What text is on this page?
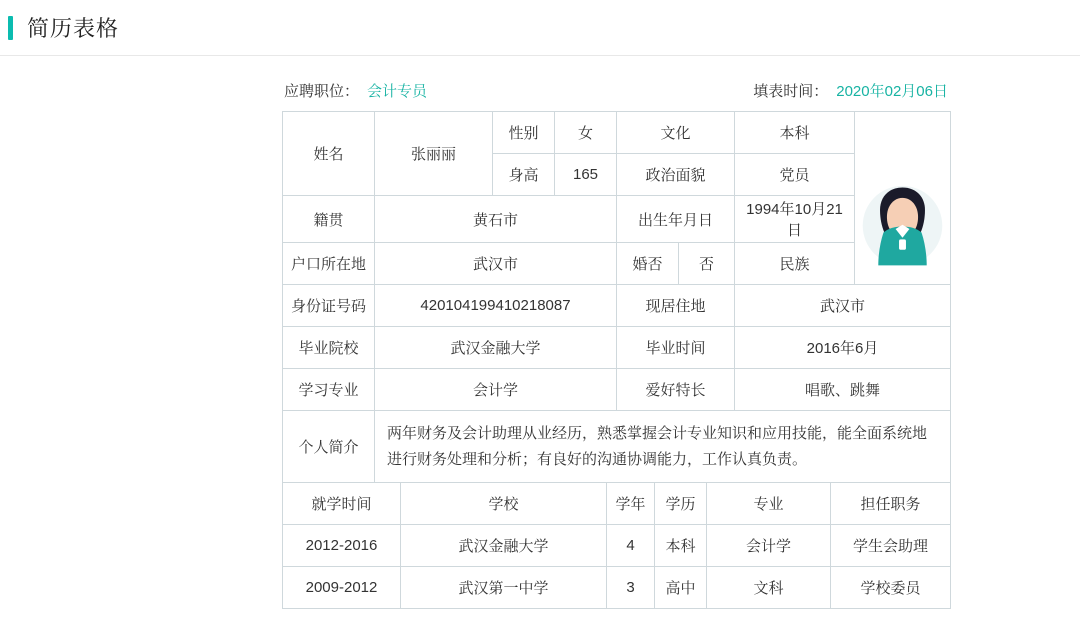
简历表格
应聘职位： 会计专员	填表时间： 2020年02月06日
姓名	张丽丽	性别	女	文化		本科	

		身高	165	政治面貌		党员	
籍贯	黄石市			出生年月日		1994年10月21日	
户口所在地	武汉市			婚否	否	民族	
身份证号码	420104199410218087			现居住地		武汉市	
毕业院校	武汉金融大学			毕业时间		2016年6月	
学习专业	会计学			爱好特长		唱歌、跳舞	
个人简介	两年财务及会计助理从业经历，熟悉掌握会计专业知识和应用技能，能全面系统地进行财务处理和分析；有良好的沟通协调能力，工作认真负责。						
就学时间	学校	学年	学历	专业	担任职务
2012-2016	武汉金融大学	4	本科	会计学	学生会助理
2009-2012	武汉第一中学	3	高中	文科	学校委员
